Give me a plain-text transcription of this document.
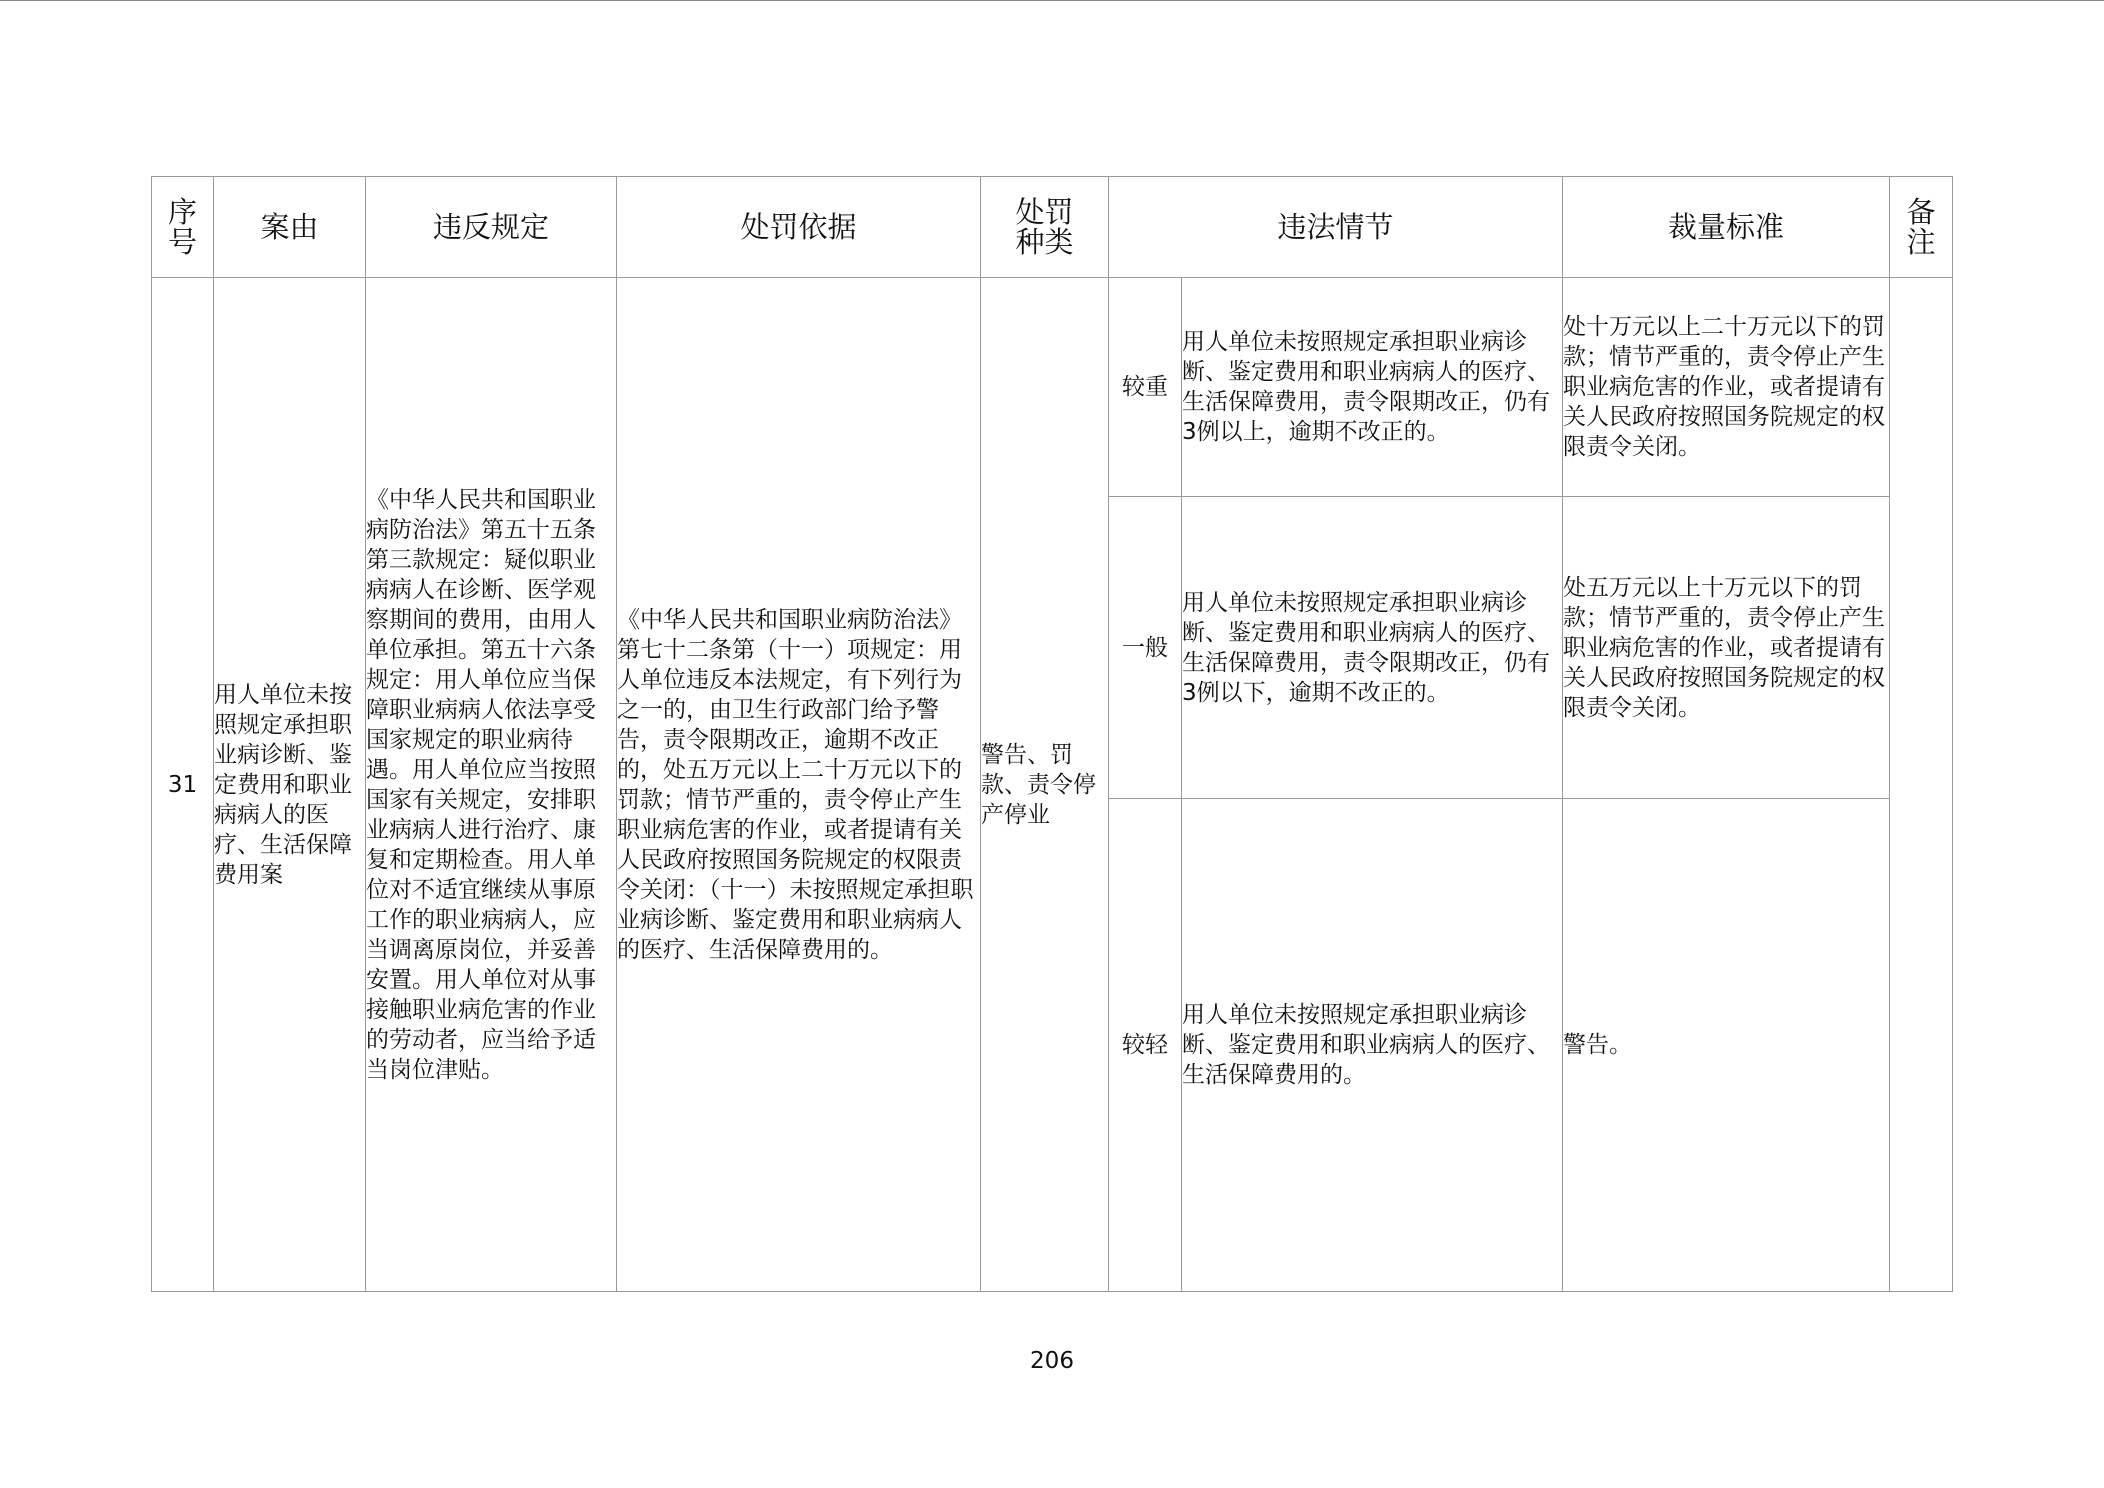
序号	案由	违反规定	处罚依据	处罚种类	违法情节		裁量标准	备注
31	用人单位未按照规定承担职业病诊断、鉴定费用和职业病病人的医疗、生活保障费用案	《中华人民共和国职业病防治法》第五十五条第三款规定：疑似职业病病人在诊断、医学观察期间的费用，由用人单位承担。第五十六条规定：用人单位应当保障职业病病人依法享受国家规定的职业病待遇。用人单位应当按照国家有关规定，安排职业病病人进行治疗、康复和定期检查。用人单位对不适宜继续从事原工作的职业病病人，应当调离原岗位，并妥善安置。用人单位对从事接触职业病危害的作业的劳动者，应当给予适当岗位津贴。	《中华人民共和国职业病防治法》第七十二条第（十一）项规定：用人单位违反本法规定，有下列行为之一的，由卫生行政部门给予警告，责令限期改正，逾期不改正的，处五万元以上二十万元以下的罚款；情节严重的，责令停止产生职业病危害的作业，或者提请有关人民政府按照国务院规定的权限责令关闭：（十一）未按照规定承担职业病诊断、鉴定费用和职业病病人的医疗、生活保障费用的。	警告、罚款、责令停产停业	较重	用人单位未按照规定承担职业病诊断、鉴定费用和职业病病人的医疗、生活保障费用，责令限期改正，仍有3例以上，逾期不改正的。	处十万元以上二十万元以下的罚款；情节严重的，责令停止产生职业病危害的作业，或者提请有关人民政府按照国务院规定的权限责令关闭。	
					一般	用人单位未按照规定承担职业病诊断、鉴定费用和职业病病人的医疗、生活保障费用，责令限期改正，仍有3例以下，逾期不改正的。	处五万元以上十万元以下的罚款；情节严重的，责令停止产生职业病危害的作业，或者提请有关人民政府按照国务院规定的权限责令关闭。	
					较轻	用人单位未按照规定承担职业病诊断、鉴定费用和职业病病人的医疗、生活保障费用的。	警告。	
206
